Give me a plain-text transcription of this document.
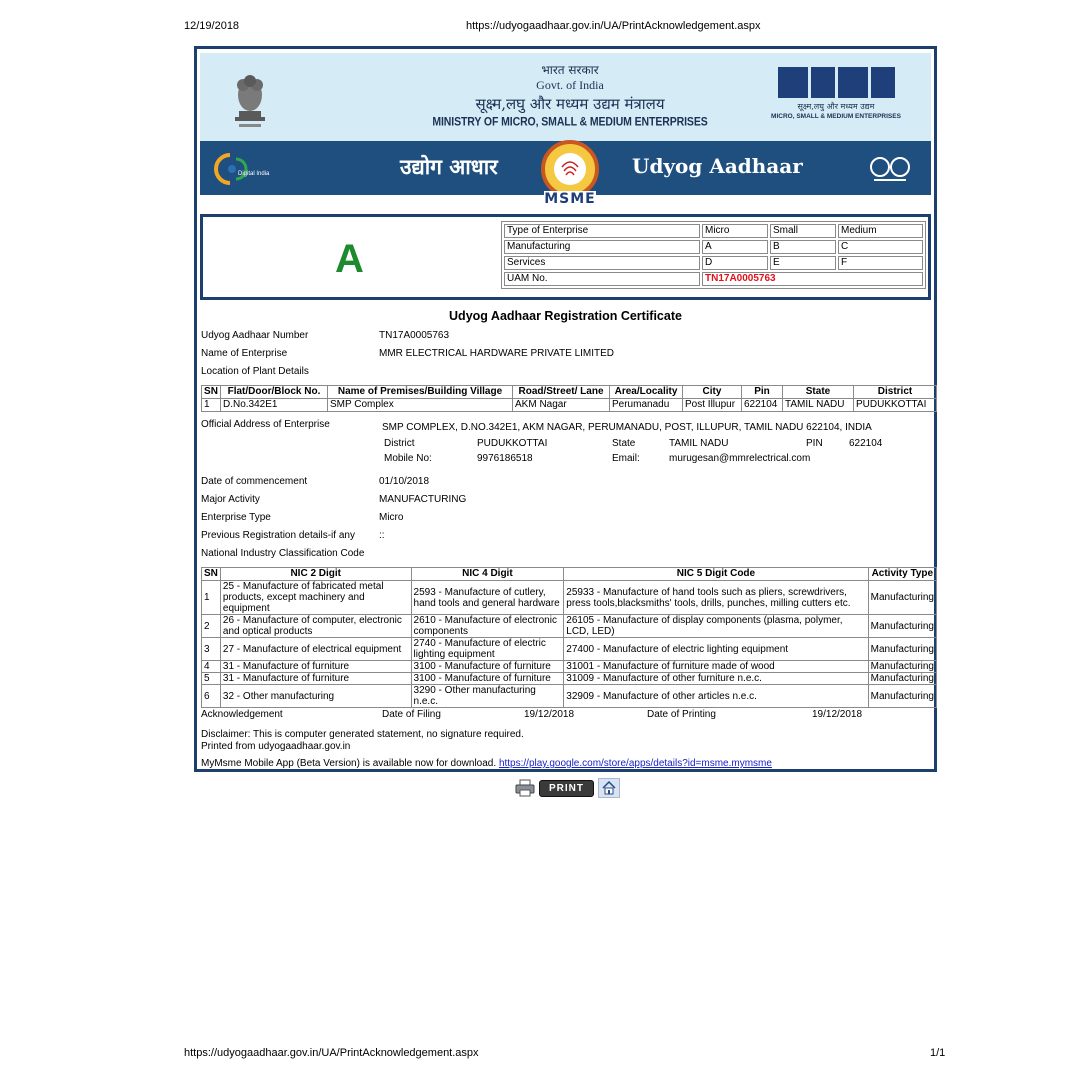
12/19/2018	https://udyogaadhaar.gov.in/UA/PrintAcknowledgement.aspx
https://udyogaadhaar.gov.in/UA/PrintAcknowledgement.aspx	1/1
भारत सरकार
Govt. of India
सूक्ष्म,लघु और मध्यम उद्यम मंत्रालय
MINISTRY OF MICRO, SMALL & MEDIUM ENTERPRISES
सूक्ष्म,लघु और मध्यम उद्यम
MICRO, SMALL & MEDIUM ENTERPRISES
Digital India	उद्योग आधार
MSME
Udyog Aadhaar
A
Type of Enterprise	Micro	Small	Medium
Manufacturing	A	B	C
Services	D	E	F
UAM No.	TN17A0005763		
Udyog Aadhaar Registration Certificate
Udyog Aadhaar Number	TN17A0005763
Name of Enterprise	MMR ELECTRICAL HARDWARE PRIVATE LIMITED
Location of Plant Details
SN	Flat/Door/Block No.	Name of Premises/Building Village	Road/Street/ Lane	Area/Locality	City	Pin	State	District
1	D.No.342E1	SMP Complex	AKM Nagar	Perumanadu	Post Illupur	622104	TAMIL NADU	PUDUKKOTTAI
Official Address of Enterprise	SMP COMPLEX, D.NO.342E1, AKM NAGAR, PERUMANADU, POST, ILLUPUR, TAMIL NADU 622104, INDIA
District	PUDUKKOTTAI	State	TAMIL NADU	PIN	622104
Mobile No:	9976186518	Email:	murugesan@mmrelectrical.com
Date of commencement	01/10/2018
Major Activity	MANUFACTURING
Enterprise Type	Micro
Previous Registration details-if any ::
National Industry Classification Code
SN	NIC 2 Digit	NIC 4 Digit	NIC 5 Digit Code	Activity Type
1	25 - Manufacture of fabricated metal products, except machinery and equipment	2593 - Manufacture of cutlery, hand tools and general hardware	25933 - Manufacture of hand tools such as pliers, screwdrivers, press tools,blacksmiths' tools, drills, punches, milling cutters etc.	Manufacturing
2	26 - Manufacture of computer, electronic and optical products	2610 - Manufacture of electronic components	26105 - Manufacture of display components (plasma, polymer, LCD, LED)	Manufacturing
3	27 - Manufacture of electrical equipment	2740 - Manufacture of electric lighting equipment	27400 - Manufacture of electric lighting equipment	Manufacturing
4	31 - Manufacture of furniture	3100 - Manufacture of furniture	31001 - Manufacture of furniture made of wood	Manufacturing
5	31 - Manufacture of furniture	3100 - Manufacture of furniture	31009 - Manufacture of other furniture n.e.c.	Manufacturing
6	32 - Other manufacturing	3290 - Other manufacturing n.e.c.	32909 - Manufacture of other articles n.e.c.	Manufacturing
Acknowledgement	Date of Filing	19/12/2018	Date of Printing	19/12/2018
Disclaimer: This is computer generated statement, no signature required.
Printed from udyogaadhaar.gov.in
MyMsme Mobile App (Beta Version) is available now for download. https://play.google.com/store/apps/details?id=msme.mymsme
PRINT
